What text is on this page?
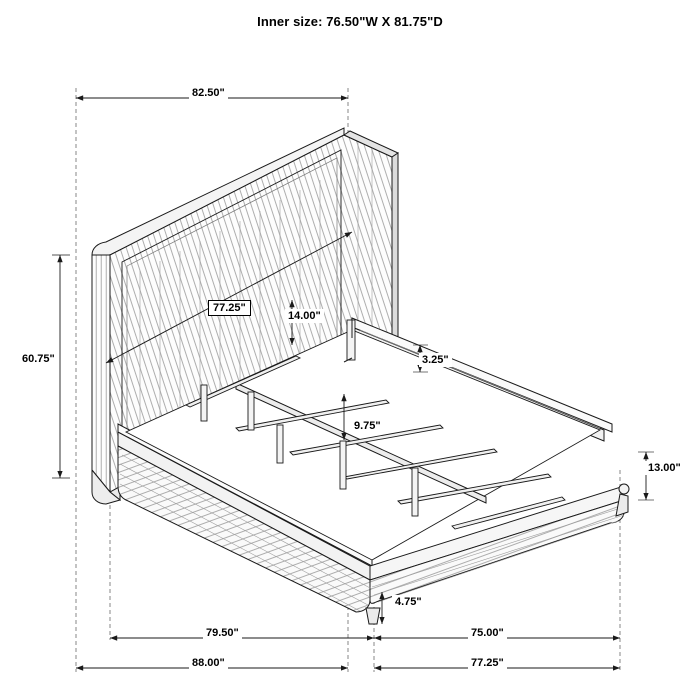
Inner size: 76.50"W X 81.75"D
82.50"
77.25"
14.00"
3.25"
60.75"
9.75"
13.00"
4.75"
79.50"	75.00"
88.00"	77.25"
